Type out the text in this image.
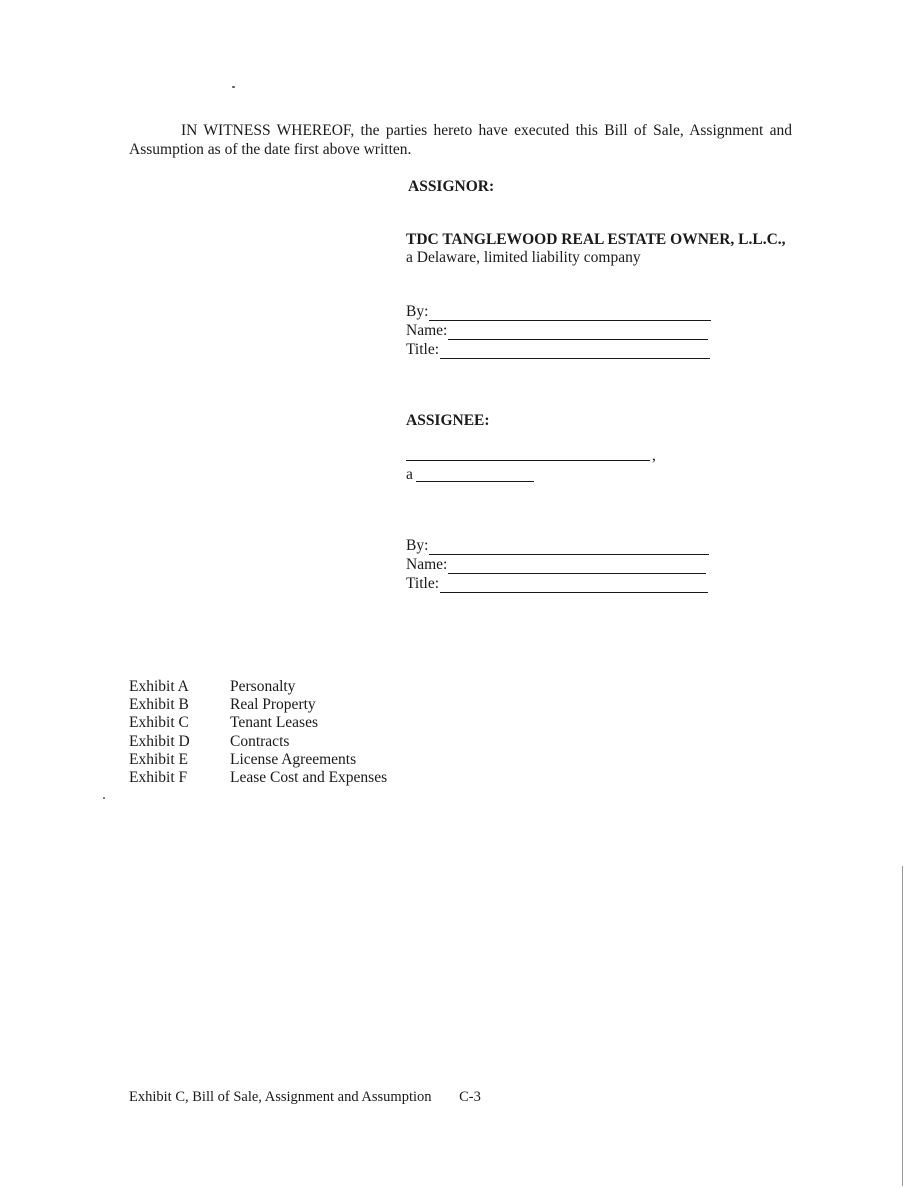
IN WITNESS WHEREOF, the parties hereto have executed this Bill of Sale, Assignment and Assumption as of the date first above written.
ASSIGNOR:
TDC TANGLEWOOD REAL ESTATE OWNER, L.L.C.,
a Delaware, limited liability company
By:
Name:
Title:
ASSIGNEE:
,
a
By:
Name:
Title:
Exhibit A	Personalty
Exhibit B	Real Property
Exhibit C	Tenant Leases
Exhibit D	Contracts
Exhibit E	License Agreements
Exhibit F	Lease Cost and Expenses
Exhibit C, Bill of Sale, Assignment and Assumption C-3
